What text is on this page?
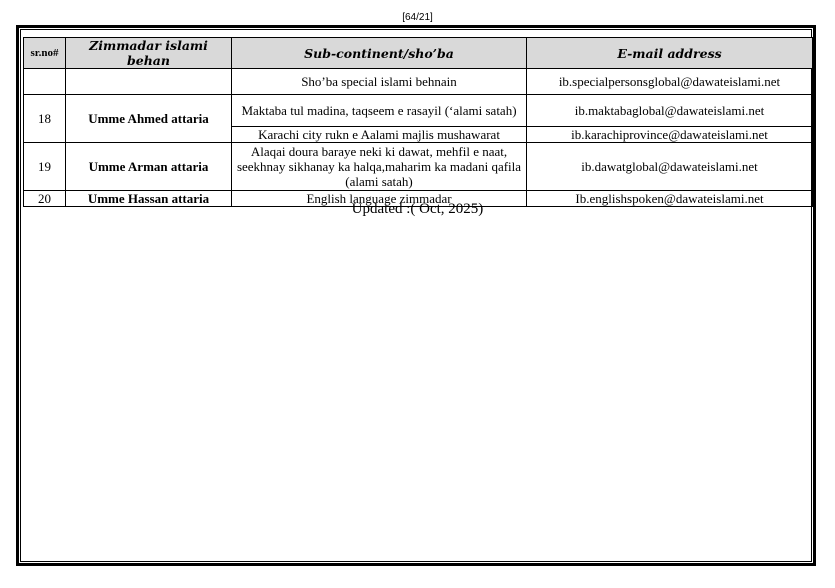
[64/21]
sr.no#	Zimmadar islami behan	Sub-continent/sho’ba	E-mail address
		Sho’ba special islami behnain	ib.specialpersonsglobal@dawateislami.net
18	Umme Ahmed attaria	Maktaba tul madina, taqseem e rasayil (‘alami satah)	ib.maktabaglobal@dawateislami.net
		Karachi city rukn e Aalami majlis mushawarat	ib.karachiprovince@dawateislami.net
19	Umme Arman attaria	Alaqai doura baraye neki ki dawat, mehfil e naat, seekhnay sikhanay ka halqa,maharim ka madani qafila (alami satah)	ib.dawatglobal@dawateislami.net
20	Umme Hassan attaria	English language zimmadar	Ib.englishspoken@dawateislami.net
Updated :( Oct, 2025)
